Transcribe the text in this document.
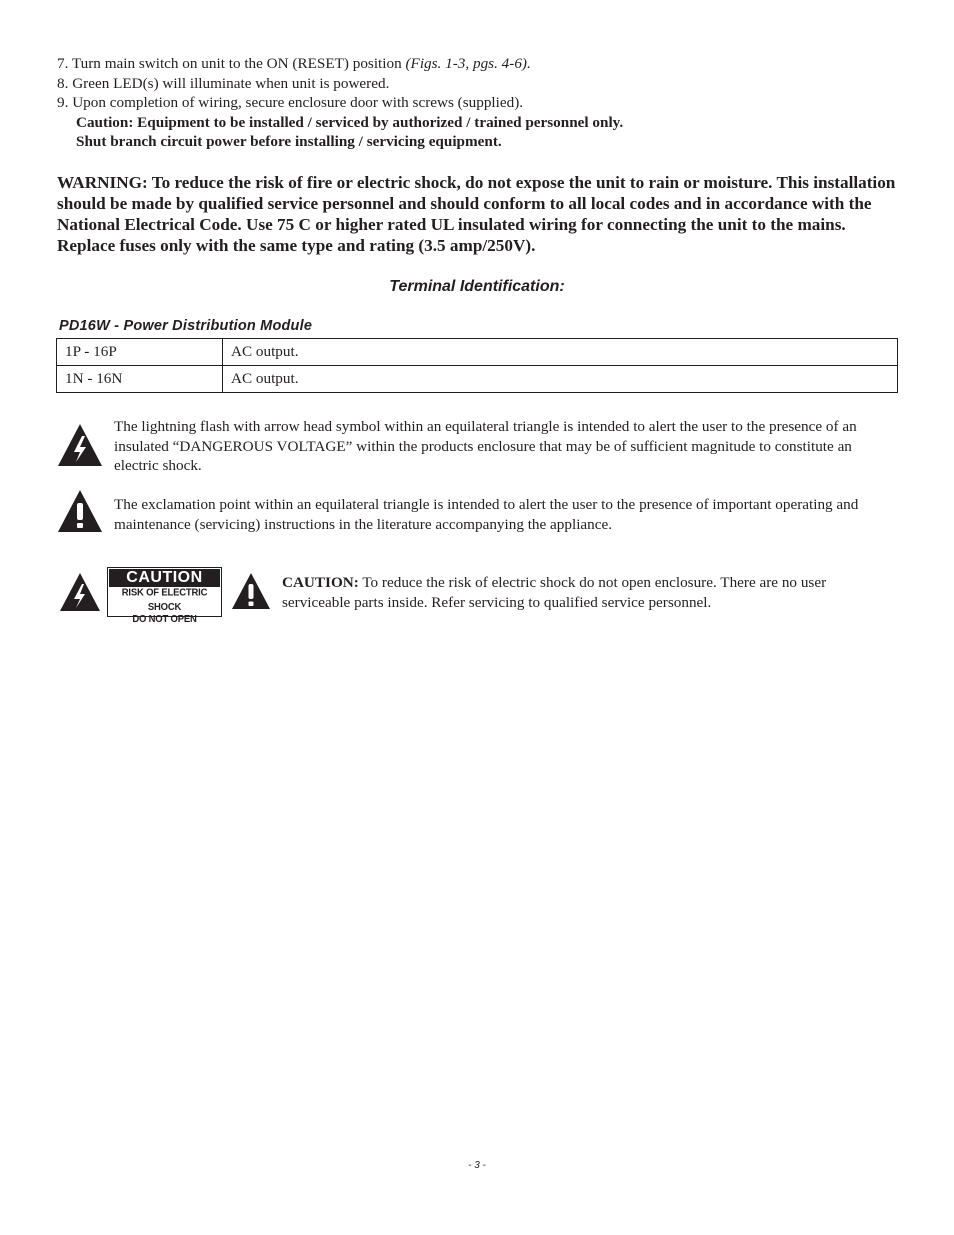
7. Turn main switch on unit to the ON (RESET) position (Figs. 1-3, pgs. 4-6).
8. Green LED(s) will illuminate when unit is powered.
9. Upon completion of wiring, secure enclosure door with screws (supplied).
Caution: Equipment to be installed / serviced by authorized / trained personnel only.
Shut branch circuit power before installing / servicing equipment.
WARNING: To reduce the risk of fire or electric shock, do not expose the unit to rain or moisture. This installation should be made by qualified service personnel and should conform to all local codes and in accordance with the National Electrical Code. Use 75 C or higher rated UL insulated wiring for connecting the unit to the mains. Replace fuses only with the same type and rating (3.5 amp/250V).
Terminal Identification:
PD16W - Power Distribution Module
1P - 16P	AC output.
1N - 16N	AC output.
The lightning flash with arrow head symbol within an equilateral triangle is intended to alert the user to the presence of an insulated “DANGEROUS VOLTAGE” within the products enclosure that may be of sufficient magnitude to constitute an electric shock.
The exclamation point within an equilateral triangle is intended to alert the user to the presence of important operating and maintenance (servicing) instructions in the literature accompanying the appliance.
CAUTION
RISK OF ELECTRIC SHOCK
DO NOT OPEN
CAUTION: To reduce the risk of electric shock do not open enclosure. There are no user serviceable parts inside. Refer servicing to qualified service personnel.
- 3 -
